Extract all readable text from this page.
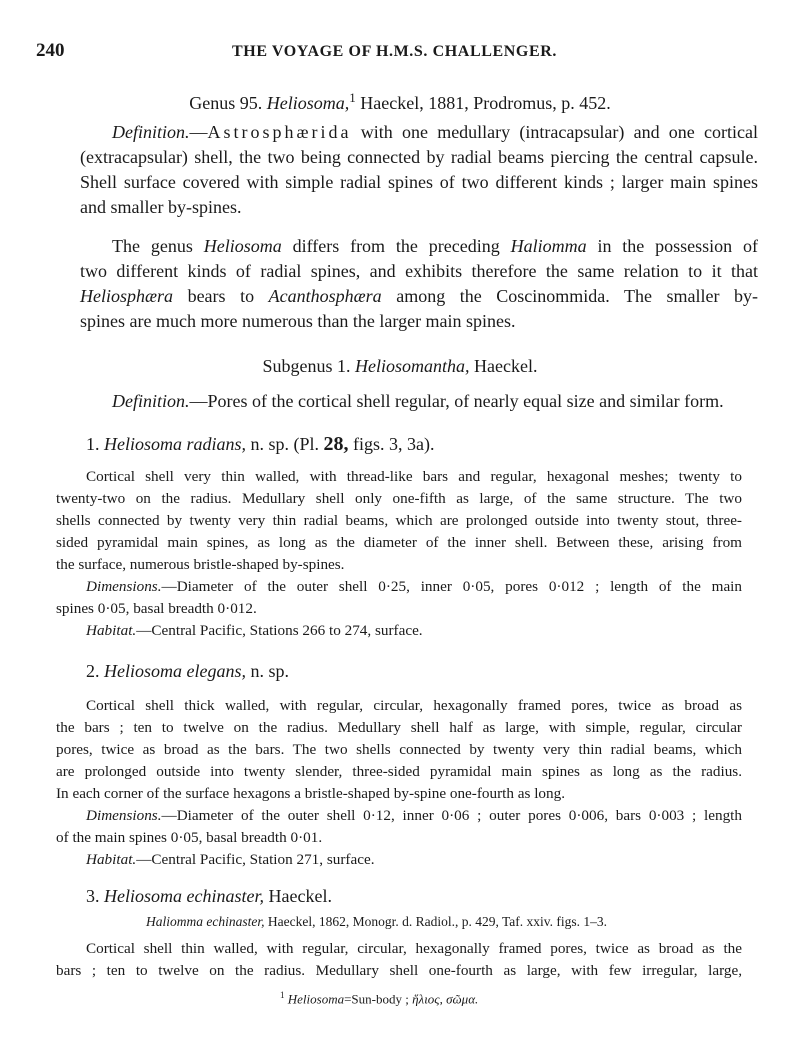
240	THE VOYAGE OF H.M.S. CHALLENGER.
Genus 95. Heliosoma,$^1$ Haeckel, 1881, Prodromus, p. 452.
Definition.—Astrosphærida with one medullary (intracapsular) and one cortical
(extracapsular) shell, the two being connected by radial beams piercing the central capsule.
Shell surface covered with simple radial spines of two different kinds ; larger main spines
and smaller by-spines.
The genus Heliosoma differs from the preceding Haliomma in the possession of
two different kinds of radial spines, and exhibits therefore the same relation to it that
Heliosphæra bears to Acanthosphæra among the Coscinommida. The smaller by-
spines are much more numerous than the larger main spines.
Subgenus 1. Heliosomantha, Haeckel.
Definition.—Pores of the cortical shell regular, of nearly equal size and similar form.
1. Heliosoma radians, n. sp. (Pl. 28, figs. 3, 3a).
Cortical shell very thin walled, with thread-like bars and regular, hexagonal meshes; twenty to
twenty-two on the radius. Medullary shell only one-fifth as large, of the same structure. The two
shells connected by twenty very thin radial beams, which are prolonged outside into twenty stout, three-
sided pyramidal main spines, as long as the diameter of the inner shell. Between these, arising from
the surface, numerous bristle-shaped by-spines.
Dimensions.—Diameter of the outer shell 0·25, inner 0·05, pores 0·012 ; length of the main
spines 0·05, basal breadth 0·012.
Habitat.—Central Pacific, Stations 266 to 274, surface.
2. Heliosoma elegans, n. sp.
Cortical shell thick walled, with regular, circular, hexagonally framed pores, twice as broad as
the bars ; ten to twelve on the radius. Medullary shell half as large, with simple, regular, circular
pores, twice as broad as the bars. The two shells connected by twenty very thin radial beams, which
are prolonged outside into twenty slender, three-sided pyramidal main spines as long as the radius.
In each corner of the surface hexagons a bristle-shaped by-spine one-fourth as long.
Dimensions.—Diameter of the outer shell 0·12, inner 0·06 ; outer pores 0·006, bars 0·003 ; length
of the main spines 0·05, basal breadth 0·01.
Habitat.—Central Pacific, Station 271, surface.
3. Heliosoma echinaster, Haeckel.
Haliomma echinaster, Haeckel, 1862, Monogr. d. Radiol., p. 429, Taf. xxiv. figs. 1–3.
Cortical shell thin walled, with regular, circular, hexagonally framed pores, twice as broad as the
bars ; ten to twelve on the radius. Medullary shell one-fourth as large, with few irregular, large,
$^1$ Heliosoma=Sun-body ; ἥλιος, σῶμα.
